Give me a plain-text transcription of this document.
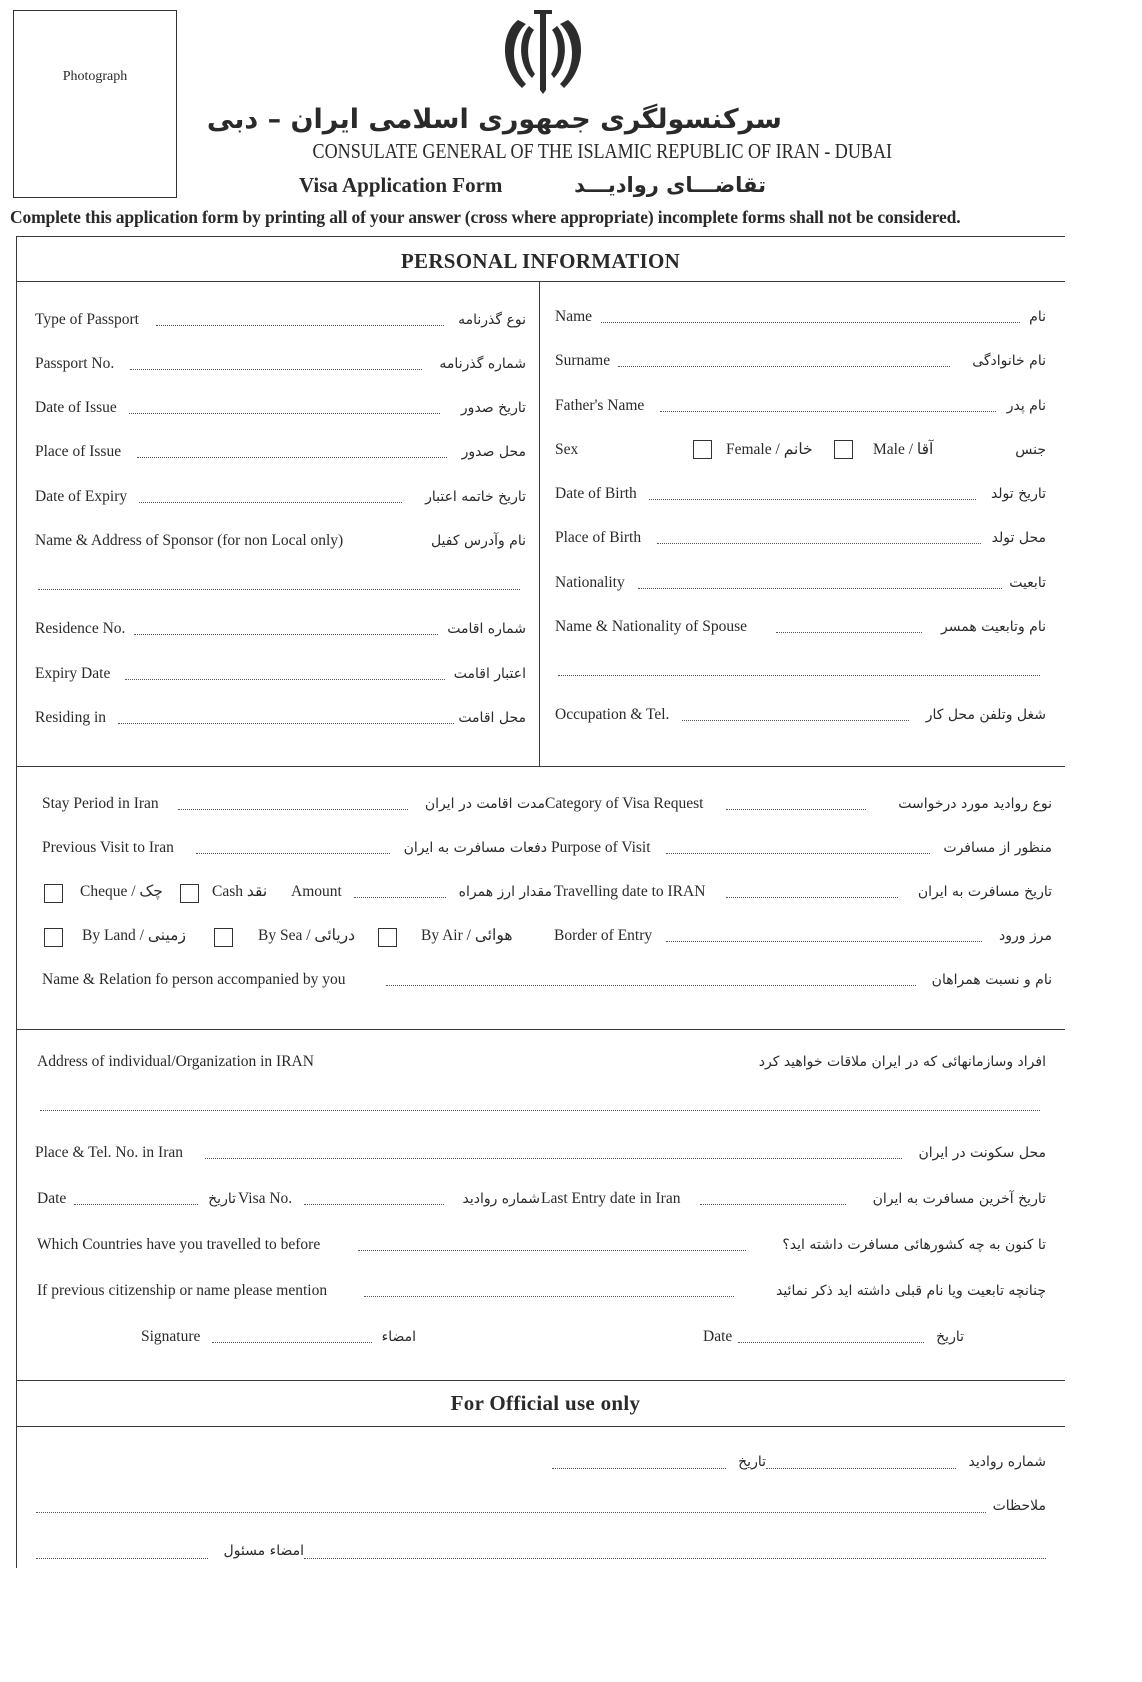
Photograph
سرکنسولگری جمهوری اسلامی ایران – دبی
CONSULATE GENERAL OF THE ISLAMIC REPUBLIC OF IRAN - DUBAI
Visa Application Form	تقاضـــای روادیـــد
Complete this application form by printing all of your answer (cross where appropriate) incomplete forms shall not be considered.
PERSONAL INFORMATION
Type of Passport	نوع گذرنامه
Passport No.	شماره گذرنامه
Date of Issue	تاریخ صدور
Place of Issue	محل صدور
Date of Expiry	تاریخ خاتمه اعتبار
Name & Address of Sponsor (for non Local only)	نام وآدرس کفیل
Residence No.	شماره اقامت
Expiry Date	اعتبار اقامت
Residing in	محل اقامت
Name	نام
Surname	نام خانوادگی
Father's Name	نام پدر
Sex	Female / خانم	Male / آقا	جنس
Date of Birth	تاریخ تولد
Place of Birth	محل تولد
Nationality	تابعیت
Name & Nationality of Spouse	نام وتابعیت همسر
Occupation & Tel.	شغل وتلفن محل کار
Stay Period in Iran	مدت اقامت در ایران Category of Visa Request	نوع روادید مورد درخواست
Previous Visit to Iran	دفعات مسافرت به ایران Purpose of Visit	منظور از مسافرت
Cheque / چک	Cash نقد Amount	مقدار ارز همراه Travelling date to IRAN	تاریخ مسافرت به ایران
By Land / زمینی	By Sea / دریائی	By Air / هوائی	Border of Entry	مرز ورود
Name & Relation fo person accompanied by you	نام و نسبت همراهان
Address of individual/Organization in IRAN	افراد وسازمانهائی که در ایران ملاقات خواهید کرد
Place & Tel. No. in Iran	محل سکونت در ایران
Date	تاریخ Visa No.	شماره روادید Last Entry date in Iran	تاریخ آخرین مسافرت به ایران
Which Countries have you travelled to before	تا کنون به چه کشورهائی مسافرت داشته اید؟
If previous citizenship or name please mention	چنانچه تابعیت ویا نام قبلی داشته اید ذکر نمائید
Signature	امضاء	Date	تاریخ
For Official use only
تاریخ	شماره روادید
ملاحظات
امضاء مسئول
